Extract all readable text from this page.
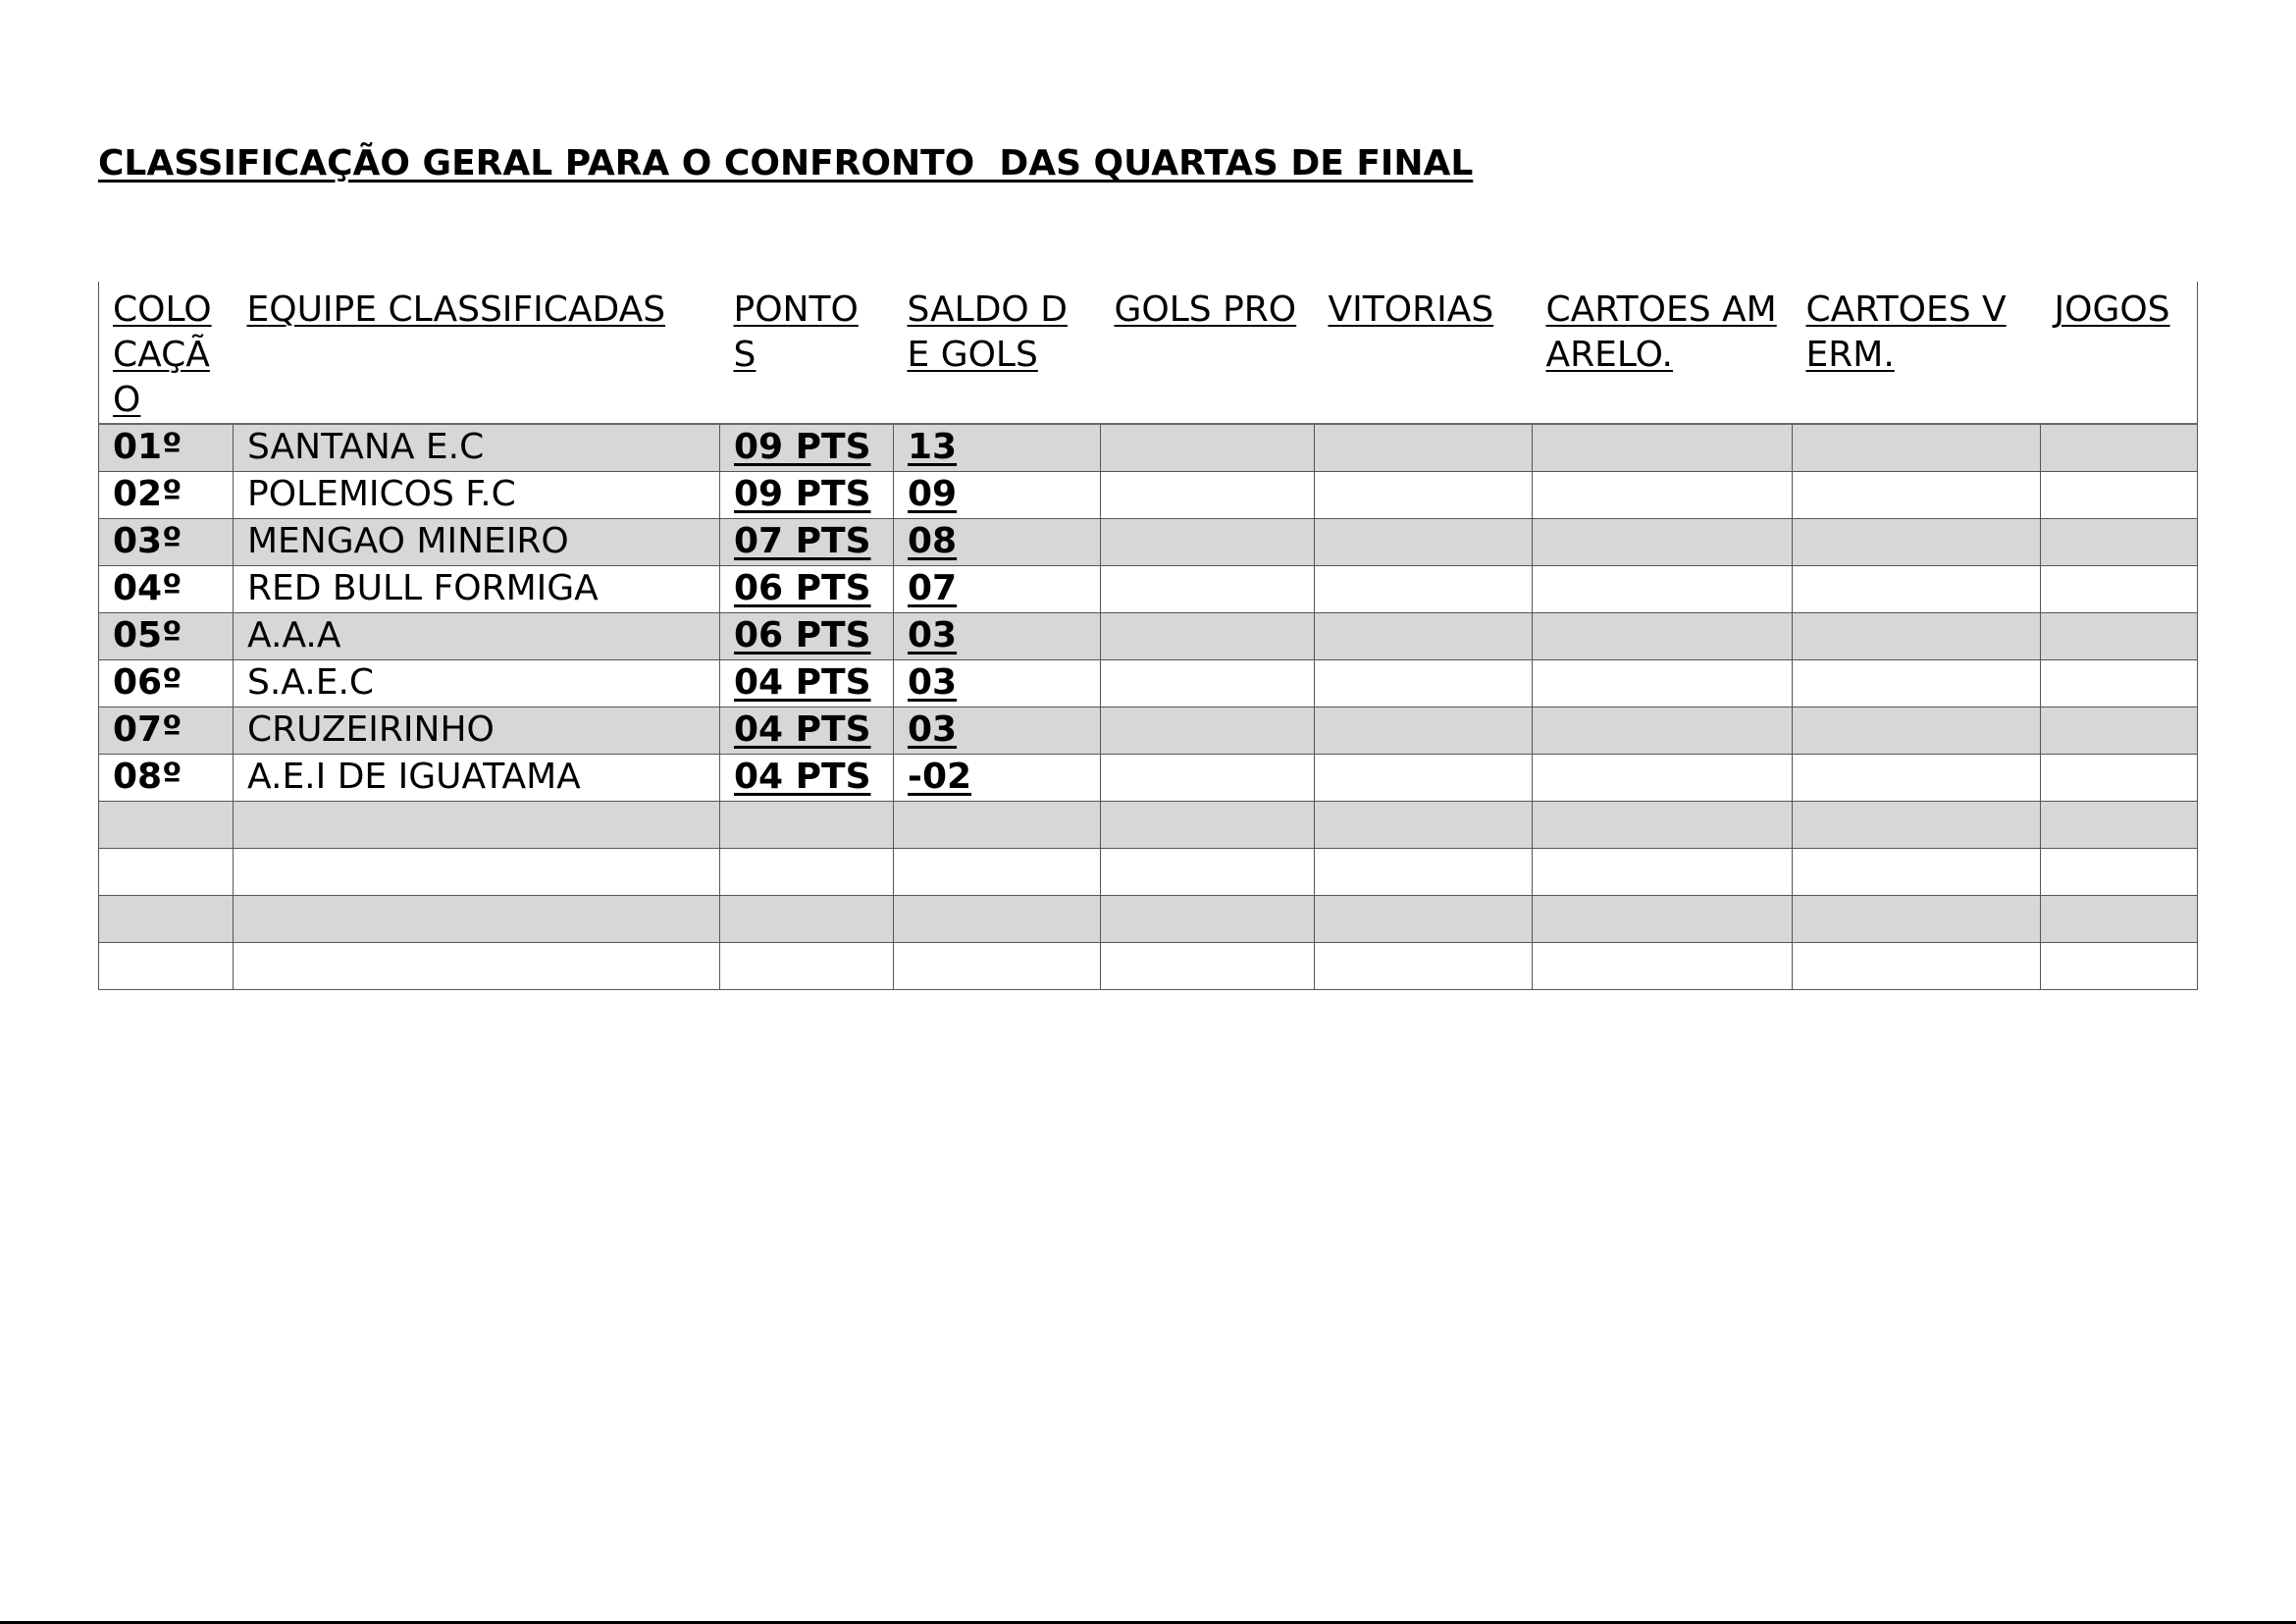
CLASSIFICAÇÃO GERAL PARA O CONFRONTO  DAS QUARTAS DE FINAL
COLOCAÇÃO	EQUIPE CLASSIFICADAS	PONTOS	SALDO DE GOLS	GOLS PRO	VITORIAS	CARTOES AMARELO.	CARTOES VERM.	JOGOS
01º	SANTANA E.C	09 PTS	13					
02º	POLEMICOS F.C	09 PTS	09					
03º	MENGAO MINEIRO	07 PTS	08					
04º	RED BULL FORMIGA	06 PTS	07					
05º	A.A.A	06 PTS	03					
06º	S.A.E.C	04 PTS	03					
07º	CRUZEIRINHO	04 PTS	03					
08º	A.E.I DE IGUATAMA	04 PTS	-02					
